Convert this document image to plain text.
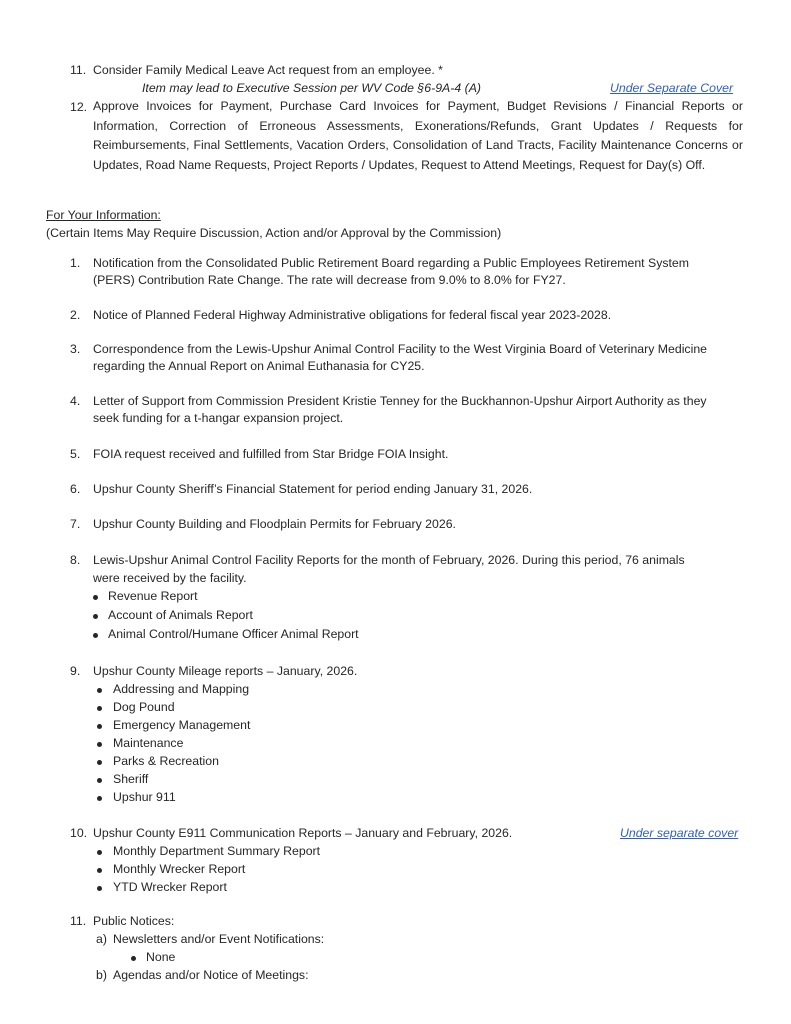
11. Consider Family Medical Leave Act request from an employee. *
Item may lead to Executive Session per WV Code §6-9A-4 (A)	Under Separate Cover
12. Approve Invoices for Payment, Purchase Card Invoices for Payment, Budget Revisions / Financial Reports or Information, Correction of Erroneous Assessments, Exonerations/Refunds, Grant Updates / Requests for Reimbursements, Final Settlements, Vacation Orders, Consolidation of Land Tracts, Facility Maintenance Concerns or Updates, Road Name Requests, Project Reports / Updates, Request to Attend Meetings, Request for Day(s) Off.
For Your Information:
(Certain Items May Require Discussion, Action and/or Approval by the Commission)
1. Notification from the Consolidated Public Retirement Board regarding a Public Employees Retirement System
(PERS) Contribution Rate Change. The rate will decrease from 9.0% to 8.0% for FY27.
2. Notice of Planned Federal Highway Administrative obligations for federal fiscal year 2023-2028.
3. Correspondence from the Lewis-Upshur Animal Control Facility to the West Virginia Board of Veterinary Medicine
regarding the Annual Report on Animal Euthanasia for CY25.
4. Letter of Support from Commission President Kristie Tenney for the Buckhannon-Upshur Airport Authority as they
seek funding for a t-hangar expansion project.
5. FOIA request received and fulfilled from Star Bridge FOIA Insight.
6. Upshur County Sheriff’s Financial Statement for period ending January 31, 2026.
7. Upshur County Building and Floodplain Permits for February 2026.
8. Lewis-Upshur Animal Control Facility Reports for the month of February, 2026. During this period, 76 animals
were received by the facility.
Revenue Report
Account of Animals Report
Animal Control/Humane Officer Animal Report
9. Upshur County Mileage reports – January, 2026.
Addressing and Mapping
Dog Pound
Emergency Management
Maintenance
Parks & Recreation
Sheriff
Upshur 911
10. Upshur County E911 Communication Reports – January and February, 2026.	Under separate cover
Monthly Department Summary Report
Monthly Wrecker Report
YTD Wrecker Report
11. Public Notices:
a) Newsletters and/or Event Notifications:
None
b) Agendas and/or Notice of Meetings:
